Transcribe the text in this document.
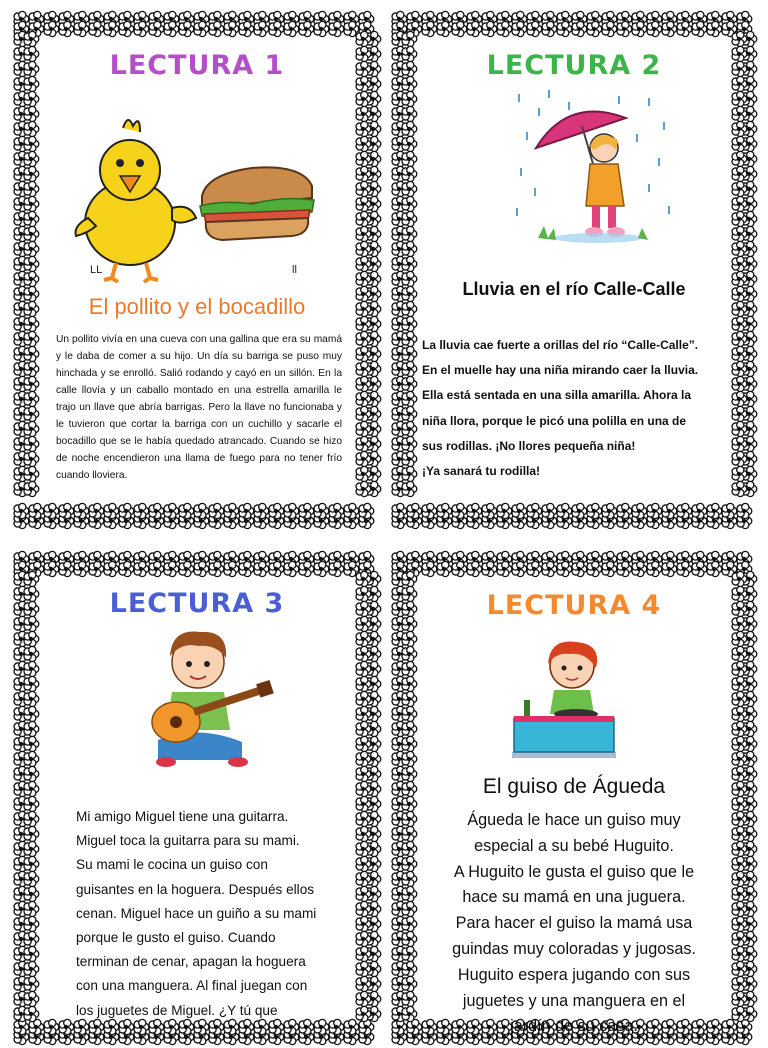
LECTURA 1
LL	ll
El pollito y el bocadillo

Un pollito vivía en una cueva con una gallina que era su mamá y le daba de comer a su hijo. Un día su barriga se puso muy hinchada y se enrolló. Salió rodando y cayó en un sillón. En la calle llovía y un caballo montado en una estrella amarilla le trajo un llave que abría barrigas. Pero la llave no funcionaba y le tuvieron que cortar la barriga con un cuchillo y sacarle el bocadillo que se le había quedado atrancado. Cuando se hizo de noche encendieron una llama de fuego para no tener frío cuando lloviera.

LECTURA 2
Lluvia en el río Calle-Calle

La lluvia cae fuerte a orillas del río “Calle-Calle”.

En el muelle hay una niña mirando caer la lluvia.

Ella está sentada en una silla amarilla. Ahora la

niña llora, porque le picó una polilla en una de

sus rodillas. ¡No llores pequeña niña!

¡Ya sanará tu rodilla!

LECTURA 3

Mi amigo Miguel tiene una guitarra.

Miguel toca la guitarra para su mami.

Su mami le cocina un guiso con

guisantes en la hoguera. Después ellos

cenan. Miguel hace un guiño a su mami

porque le gusto el guiso. Cuando

terminan de cenar, apagan la hoguera

con una manguera. Al final juegan con

los juguetes de Miguel. ¿Y tú que

LECTURA 4
El guiso de Águeda

Águeda le hace un guiso muy

especial a su bebé Huguito.

A Huguito le gusta el guiso que le

hace su mamá en una juguera.

Para hacer el guiso la mamá usa

guindas muy coloradas y jugosas.

Huguito espera jugando con sus

juguetes y una manguera en el

jardín de su casa.
